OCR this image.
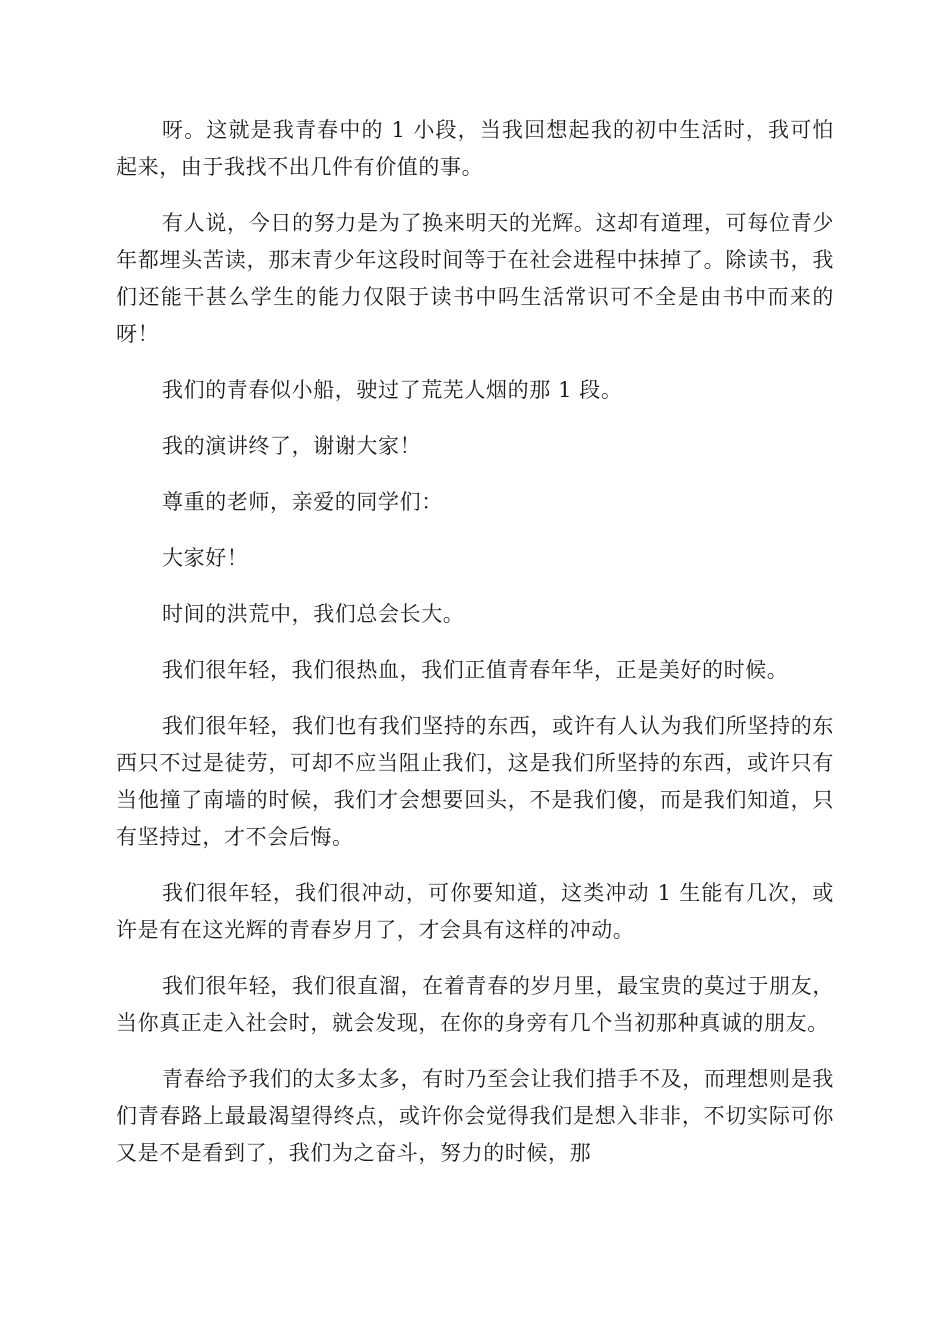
呀。这就是我青春中的 1 小段，当我回想起我的初中生活时，我可怕起来，由于我找不出几件有价值的事。

有人说，今日的努力是为了换来明天的光辉。这却有道理，可每位青少年都埋头苦读，那末青少年这段时间等于在社会进程中抹掉了。除读书，我们还能干甚么学生的能力仅限于读书中吗生活常识可不全是由书中而来的呀！

我们的青春似小船，驶过了荒芜人烟的那 1 段。

我的演讲终了，谢谢大家！

尊重的老师，亲爱的同学们：

大家好！

时间的洪荒中，我们总会长大。

我们很年轻，我们很热血，我们正值青春年华，正是美好的时候。

我们很年轻，我们也有我们坚持的东西，或许有人认为我们所坚持的东西只不过是徒劳，可却不应当阻止我们，这是我们所坚持的东西，或许只有当他撞了南墙的时候，我们才会想要回头，不是我们傻，而是我们知道，只有坚持过，才不会后悔。

我们很年轻，我们很冲动，可你要知道，这类冲动 1 生能有几次，或许是有在这光辉的青春岁月了，才会具有这样的冲动。

我们很年轻，我们很直溜，在着青春的岁月里，最宝贵的莫过于朋友，当你真正走入社会时，就会发现，在你的身旁有几个当初那种真诚的朋友。

青春给予我们的太多太多，有时乃至会让我们措手不及，而理想则是我们青春路上最最渴望得终点，或许你会觉得我们是想入非非，不切实际可你又是不是看到了，我们为之奋斗，努力的时候，那
